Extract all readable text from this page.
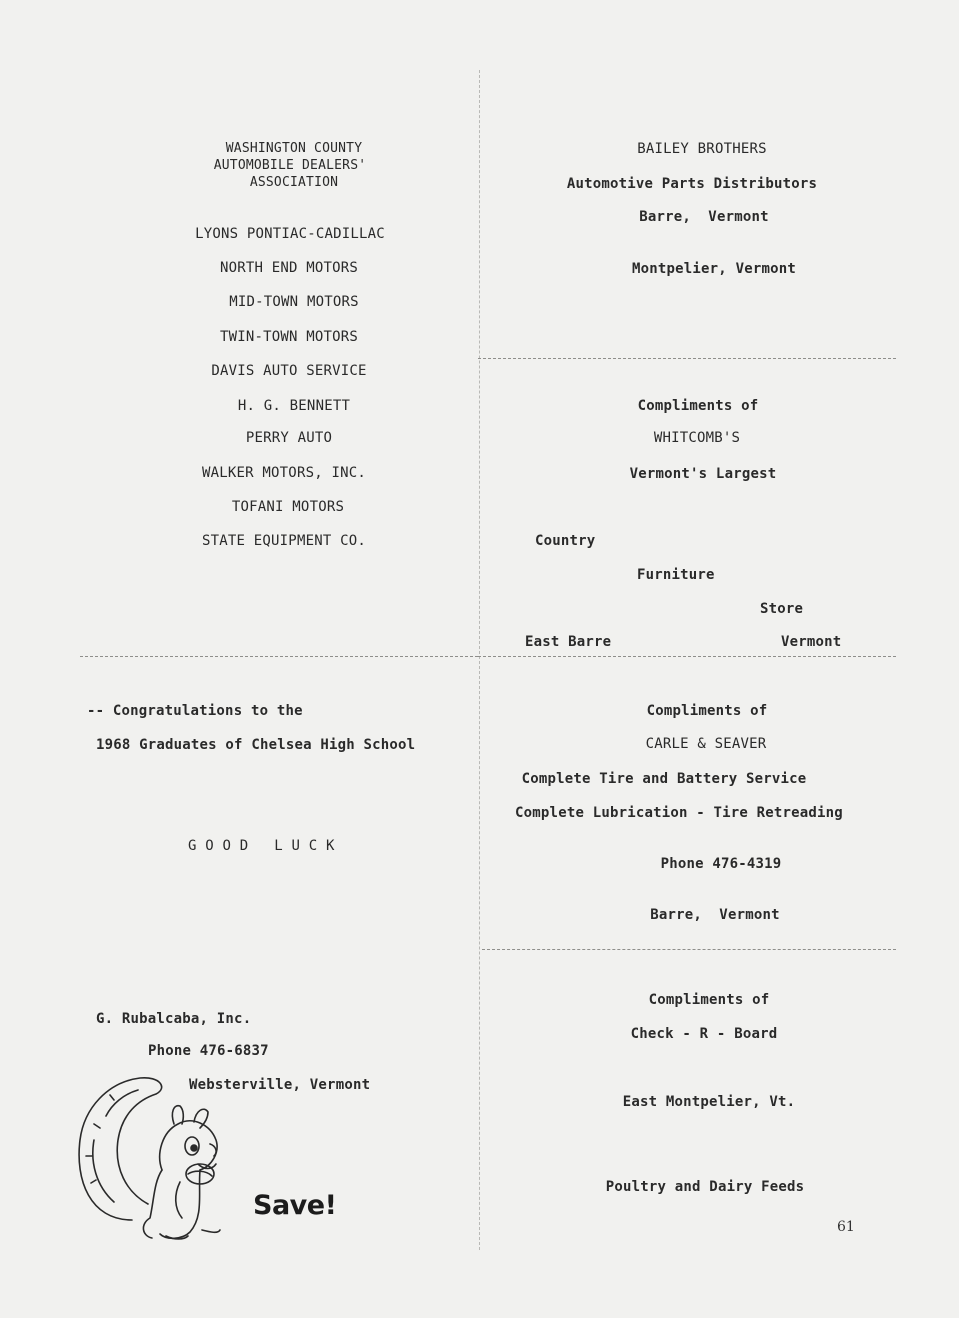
WASHINGTON COUNTY
AUTOMOBILE DEALERS'
ASSOCIATION
LYONS PONTIAC-CADILLAC
NORTH END MOTORS
MID-TOWN MOTORS
TWIN-TOWN MOTORS
DAVIS AUTO SERVICE
H. G. BENNETT
PERRY AUTO
WALKER MOTORS, INC.
TOFANI MOTORS
STATE EQUIPMENT CO.
-- Congratulations to the
1968 Graduates of Chelsea High School
G O O D   L U C K
G. Rubalcaba, Inc.
Phone 476-6837
Websterville, Vermont
Save!
BAILEY BROTHERS
Automotive Parts Distributors
Barre,  Vermont
Montpelier, Vermont
Compliments of
WHITCOMB'S
Vermont's Largest
Country
Furniture
Store
East Barre	Vermont
Compliments of
CARLE & SEAVER
Complete Tire and Battery Service
Complete Lubrication - Tire Retreading
Phone 476-4319
Barre,  Vermont
Compliments of
Check - R - Board
East Montpelier, Vt.
Poultry and Dairy Feeds
61
